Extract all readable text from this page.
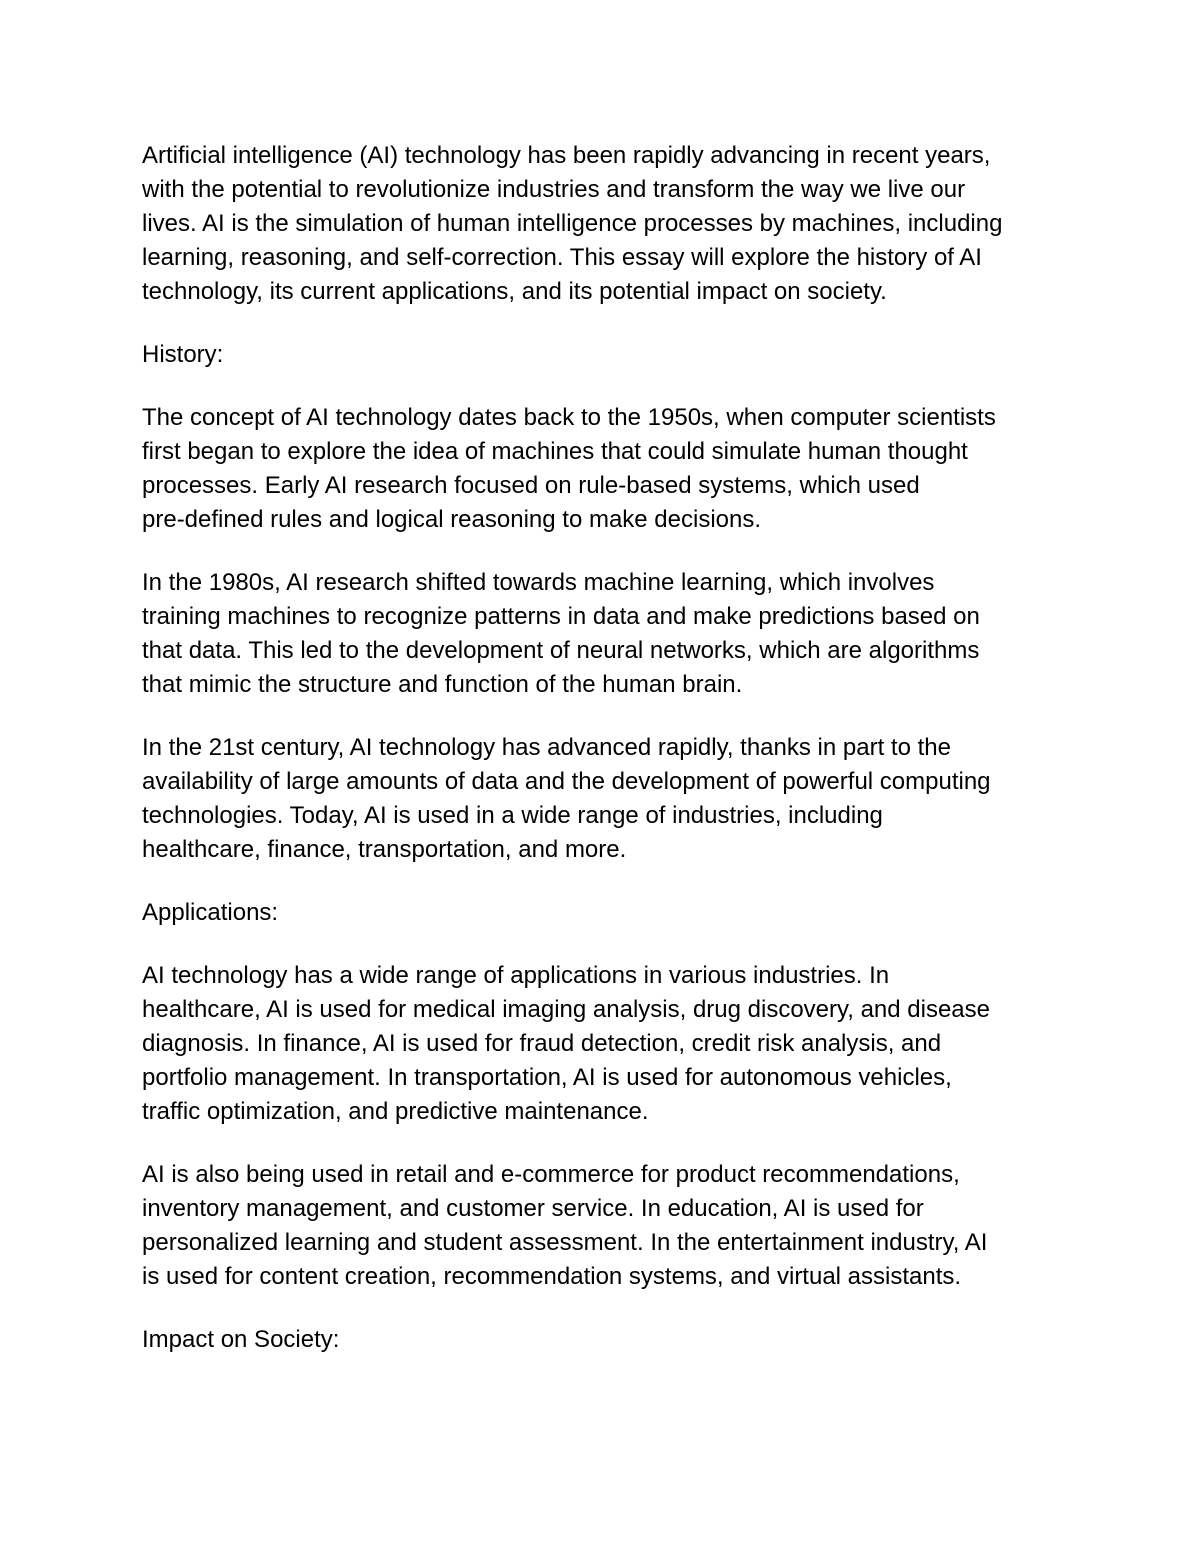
Artificial intelligence (AI) technology has been rapidly advancing in recent years,
with the potential to revolutionize industries and transform the way we live our
lives. AI is the simulation of human intelligence processes by machines, including
learning, reasoning, and self-correction. This essay will explore the history of AI
technology, its current applications, and its potential impact on society.

History:

The concept of AI technology dates back to the 1950s, when computer scientists
first began to explore the idea of machines that could simulate human thought
processes. Early AI research focused on rule-based systems, which used
pre-defined rules and logical reasoning to make decisions.

In the 1980s, AI research shifted towards machine learning, which involves
training machines to recognize patterns in data and make predictions based on
that data. This led to the development of neural networks, which are algorithms
that mimic the structure and function of the human brain.

In the 21st century, AI technology has advanced rapidly, thanks in part to the
availability of large amounts of data and the development of powerful computing
technologies. Today, AI is used in a wide range of industries, including
healthcare, finance, transportation, and more.

Applications:

AI technology has a wide range of applications in various industries. In
healthcare, AI is used for medical imaging analysis, drug discovery, and disease
diagnosis. In finance, AI is used for fraud detection, credit risk analysis, and
portfolio management. In transportation, AI is used for autonomous vehicles,
traffic optimization, and predictive maintenance.

AI is also being used in retail and e-commerce for product recommendations,
inventory management, and customer service. In education, AI is used for
personalized learning and student assessment. In the entertainment industry, AI
is used for content creation, recommendation systems, and virtual assistants.

Impact on Society:
